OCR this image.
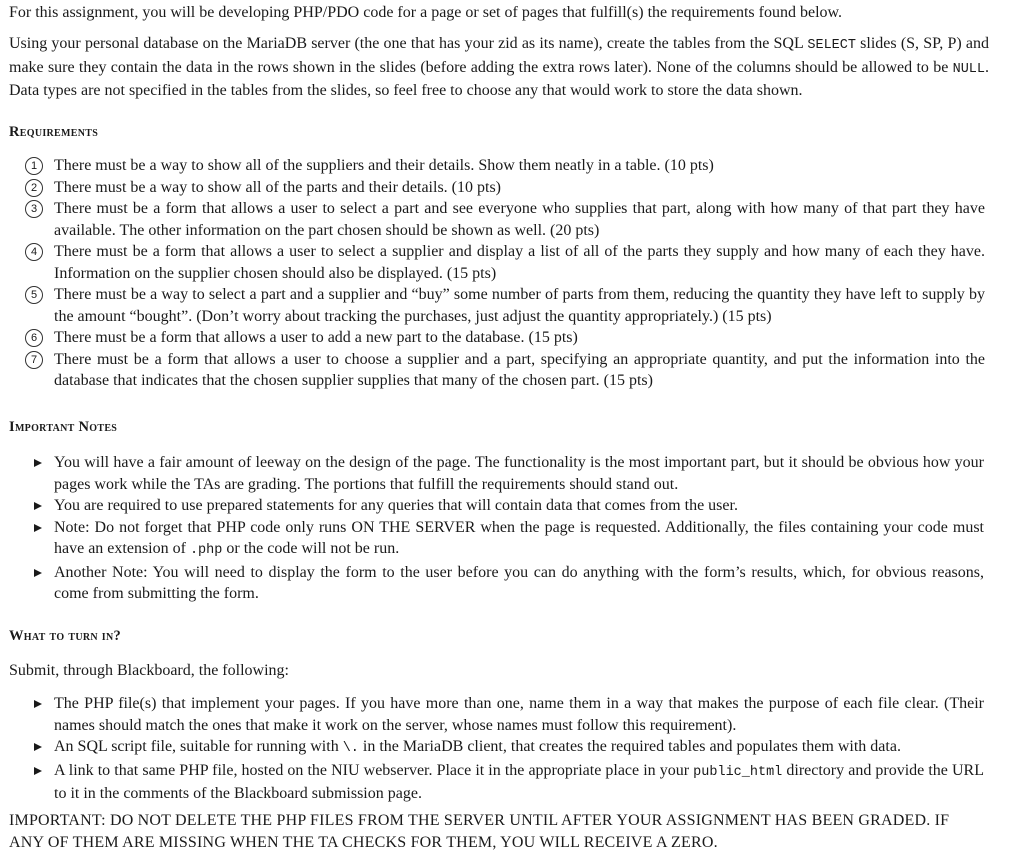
For this assignment, you will be developing PHP/PDO code for a page or set of pages that fulfill(s) the requirements found below.

Using your personal database on the MariaDB server (the one that has your zid as its name), create the tables from the SQL SELECT slides (S, SP, P) and make sure they contain the data in the rows shown in the slides (before adding the extra rows later). None of the columns should be allowed to be NULL. Data types are not specified in the tables from the slides, so feel free to choose any that would work to store the data shown.

Requirements
1	There must be a way to show all of the suppliers and their details. Show them neatly in a table. (10 pts)
2	There must be a way to show all of the parts and their details. (10 pts)
3	There must be a form that allows a user to select a part and see everyone who supplies that part, along with how many of that part they have available. The other information on the part chosen should be shown as well. (20 pts)
4	There must be a form that allows a user to select a supplier and display a list of all of the parts they supply and how many of each they have. Information on the supplier chosen should also be displayed. (15 pts)
5	There must be a way to select a part and a supplier and “buy” some number of parts from them, reducing the quantity they have left to supply by the amount “bought”. (Don’t worry about tracking the purchases, just adjust the quantity appropriately.) (15 pts)
6	There must be a form that allows a user to add a new part to the database. (15 pts)
7	There must be a form that allows a user to choose a supplier and a part, specifying an appropriate quantity, and put the information into the database that indicates that the chosen supplier supplies that many of the chosen part. (15 pts)
Important Notes
You will have a fair amount of leeway on the design of the page. The functionality is the most important part, but it should be obvious how your pages work while the TAs are grading. The portions that fulfill the requirements should stand out.
You are required to use prepared statements for any queries that will contain data that comes from the user.
Note: Do not forget that PHP code only runs ON THE SERVER when the page is requested. Additionally, the files containing your code must have an extension of .php or the code will not be run.
Another Note: You will need to display the form to the user before you can do anything with the form’s results, which, for obvious reasons, come from submitting the form.
What to turn in?

Submit, through Blackboard, the following:

The PHP file(s) that implement your pages. If you have more than one, name them in a way that makes the purpose of each file clear. (Their names should match the ones that make it work on the server, whose names must follow this requirement).
An SQL script file, suitable for running with \. in the MariaDB client, that creates the required tables and populates them with data.
A link to that same PHP file, hosted on the NIU webserver. Place it in the appropriate place in your public_html directory and provide the URL to it in the comments of the Blackboard submission page.

IMPORTANT: DO NOT DELETE THE PHP FILES FROM THE SERVER UNTIL AFTER YOUR ASSIGNMENT HAS BEEN GRADED. IF ANY OF THEM ARE MISSING WHEN THE TA CHECKS FOR THEM, YOU WILL RECEIVE A ZERO.
